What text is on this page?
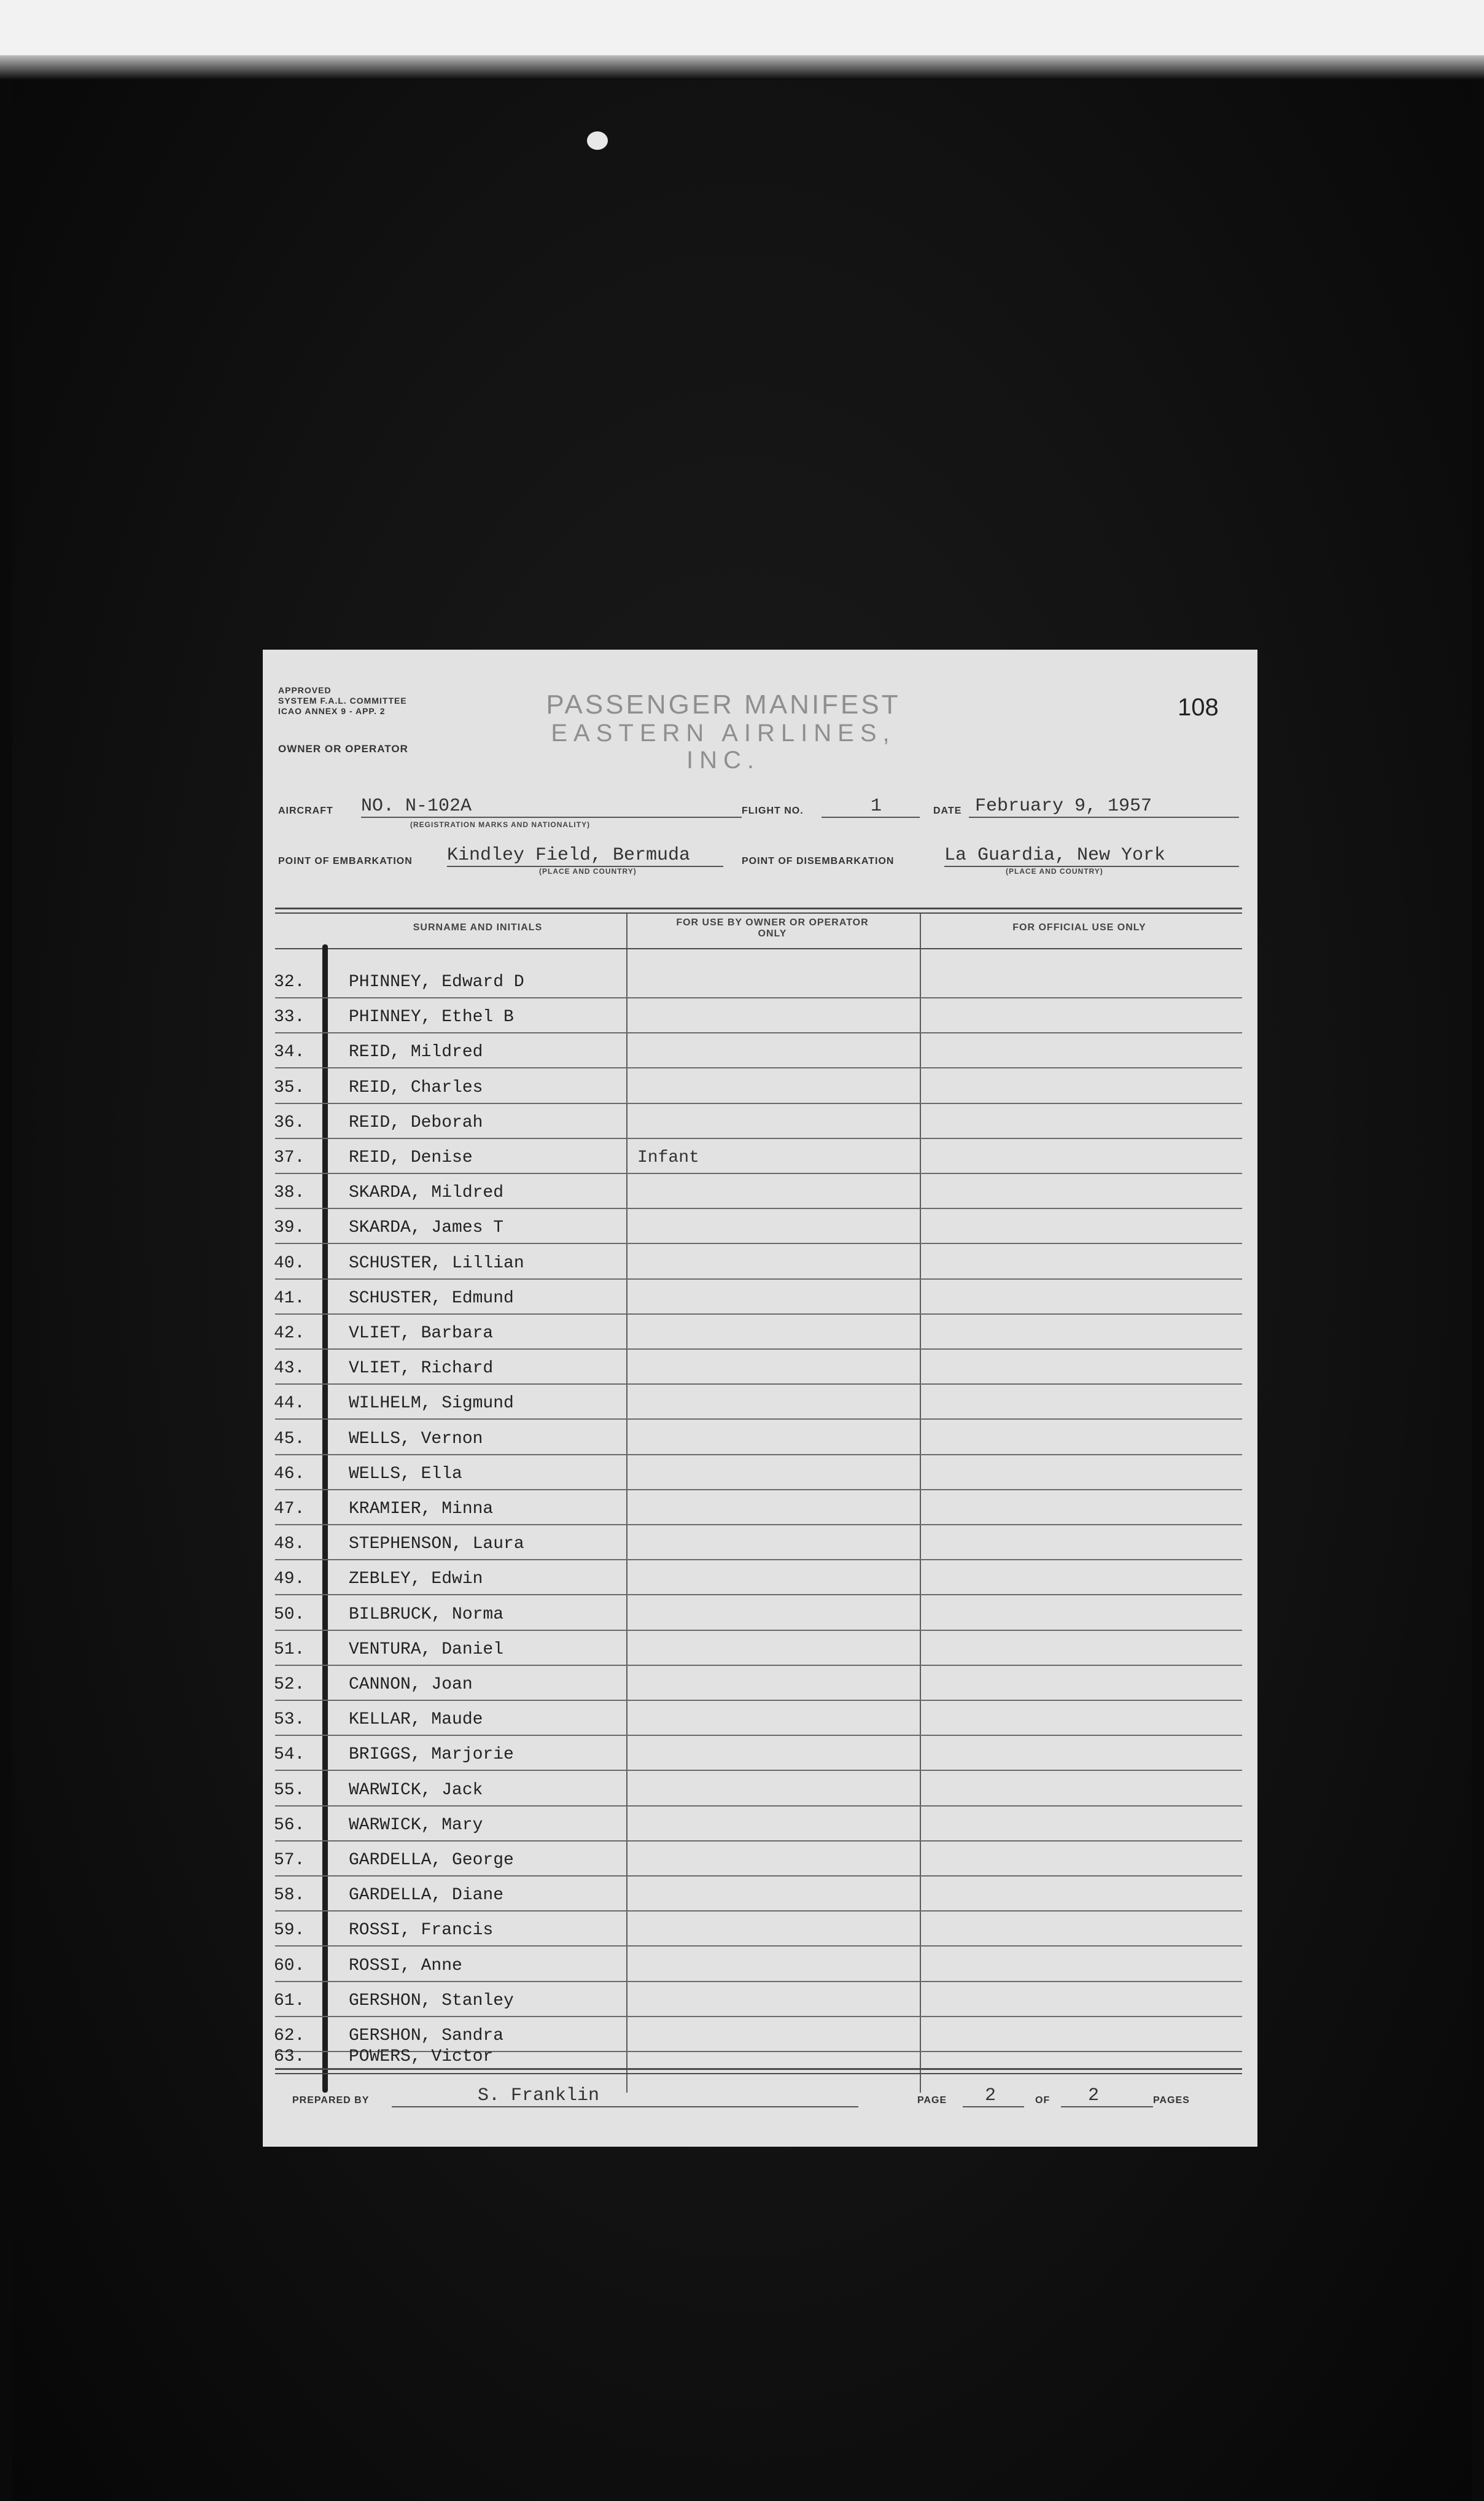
APPROVED
SYSTEM F.A.L. COMMITTEE
ICAO ANNEX 9 - APP. 2
OWNER OR OPERATOR
PASSENGER MANIFEST
EASTERN AIRLINES, INC.
108
AIRCRAFT NO. N-102A
(REGISTRATION MARKS AND NATIONALITY)
FLIGHT NO.	1	DATE February 9, 1957
POINT OF EMBARKATION Kindley Field, Bermuda
(PLACE AND COUNTRY)
POINT OF DISEMBARKATION	La Guardia, New York
(PLACE AND COUNTRY)
SURNAME AND INITIALS	FOR USE BY OWNER OR OPERATOR ONLY
FOR OFFICIAL USE ONLY
32.	PHINNEY, Edward D
33.	PHINNEY, Ethel B
34.	REID, Mildred
35.	REID, Charles
36.	REID, Deborah
37.	REID, Denise	Infant
38.	SKARDA, Mildred
39.	SKARDA, James T
40.	SCHUSTER, Lillian
41.	SCHUSTER, Edmund
42.	VLIET, Barbara
43.	VLIET, Richard
44.	WILHELM, Sigmund
45.	WELLS, Vernon
46.	WELLS, Ella
47.	KRAMIER, Minna
48.	STEPHENSON, Laura
49.	ZEBLEY, Edwin
50.	BILBRUCK, Norma
51.	VENTURA, Daniel
52.	CANNON, Joan
53.	KELLAR, Maude
54.	BRIGGS, Marjorie
55.	WARWICK, Jack
56.	WARWICK, Mary
57.	GARDELLA, George
58.	GARDELLA, Diane
59.	ROSSI, Francis
60.	ROSSI, Anne
61.	GERSHON, Stanley
62.	GERSHON, Sandra
63.	POWERS, Victor
PREPARED BY	S. Franklin	PAGE 2	OF 2	PAGES
